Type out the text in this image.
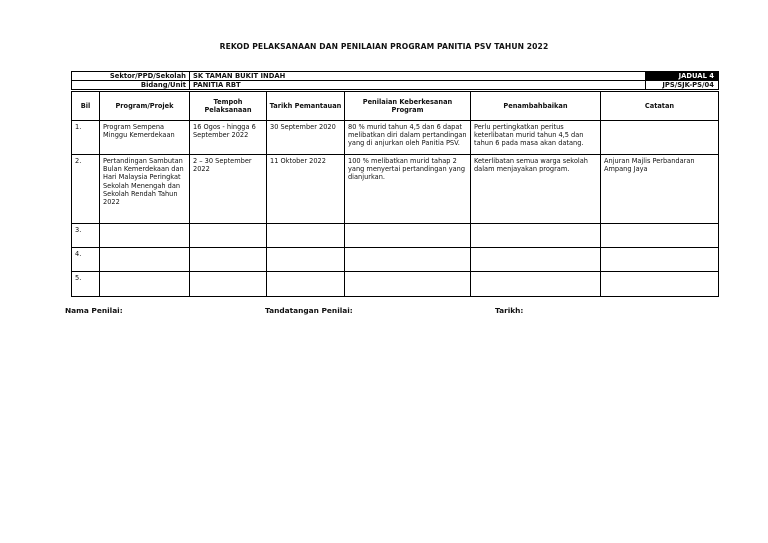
REKOD PELAKSANAAN DAN PENILAIAN PROGRAM PANITIA PSV TAHUN 2022
Sektor/PPD/Sekolah	SK TAMAN BUKIT INDAH	JADUAL 4
Bidang/Unit	PANITIA RBT	JPS/SJK-PS/04
Bil	Program/Projek	Tempoh Pelaksanaan	Tarikh Pemantauan	Penilaian Keberkesanan Program	Penambahbaikan	Catatan
1.	Program Sempena Minggu Kemerdekaan	16 Ogos - hingga 6 September 2022	30 September 2020	80 % murid tahun 4,5 dan 6 dapat melibatkan diri dalam pertandingan yang di anjurkan oleh Panitia PSV.	Perlu pertingkatkan peritus keterlibatan murid tahun 4,5 dan tahun 6 pada masa akan datang.	
2.	Pertandingan Sambutan Bulan Kemerdekaan dan Hari Malaysia Peringkat Sekolah Menengah dan Sekolah Rendah Tahun 2022	2 – 30 September 2022	11 Oktober 2022	100 % melibatkan murid tahap 2 yang menyertai pertandingan yang dianjurkan.	Keterlibatan semua warga sekolah dalam menjayakan program.	Anjuran Majlis Perbandaran Ampang Jaya
3.						
4.						
5.						
Nama Penilai:	Tandatangan Penilai:	Tarikh:
